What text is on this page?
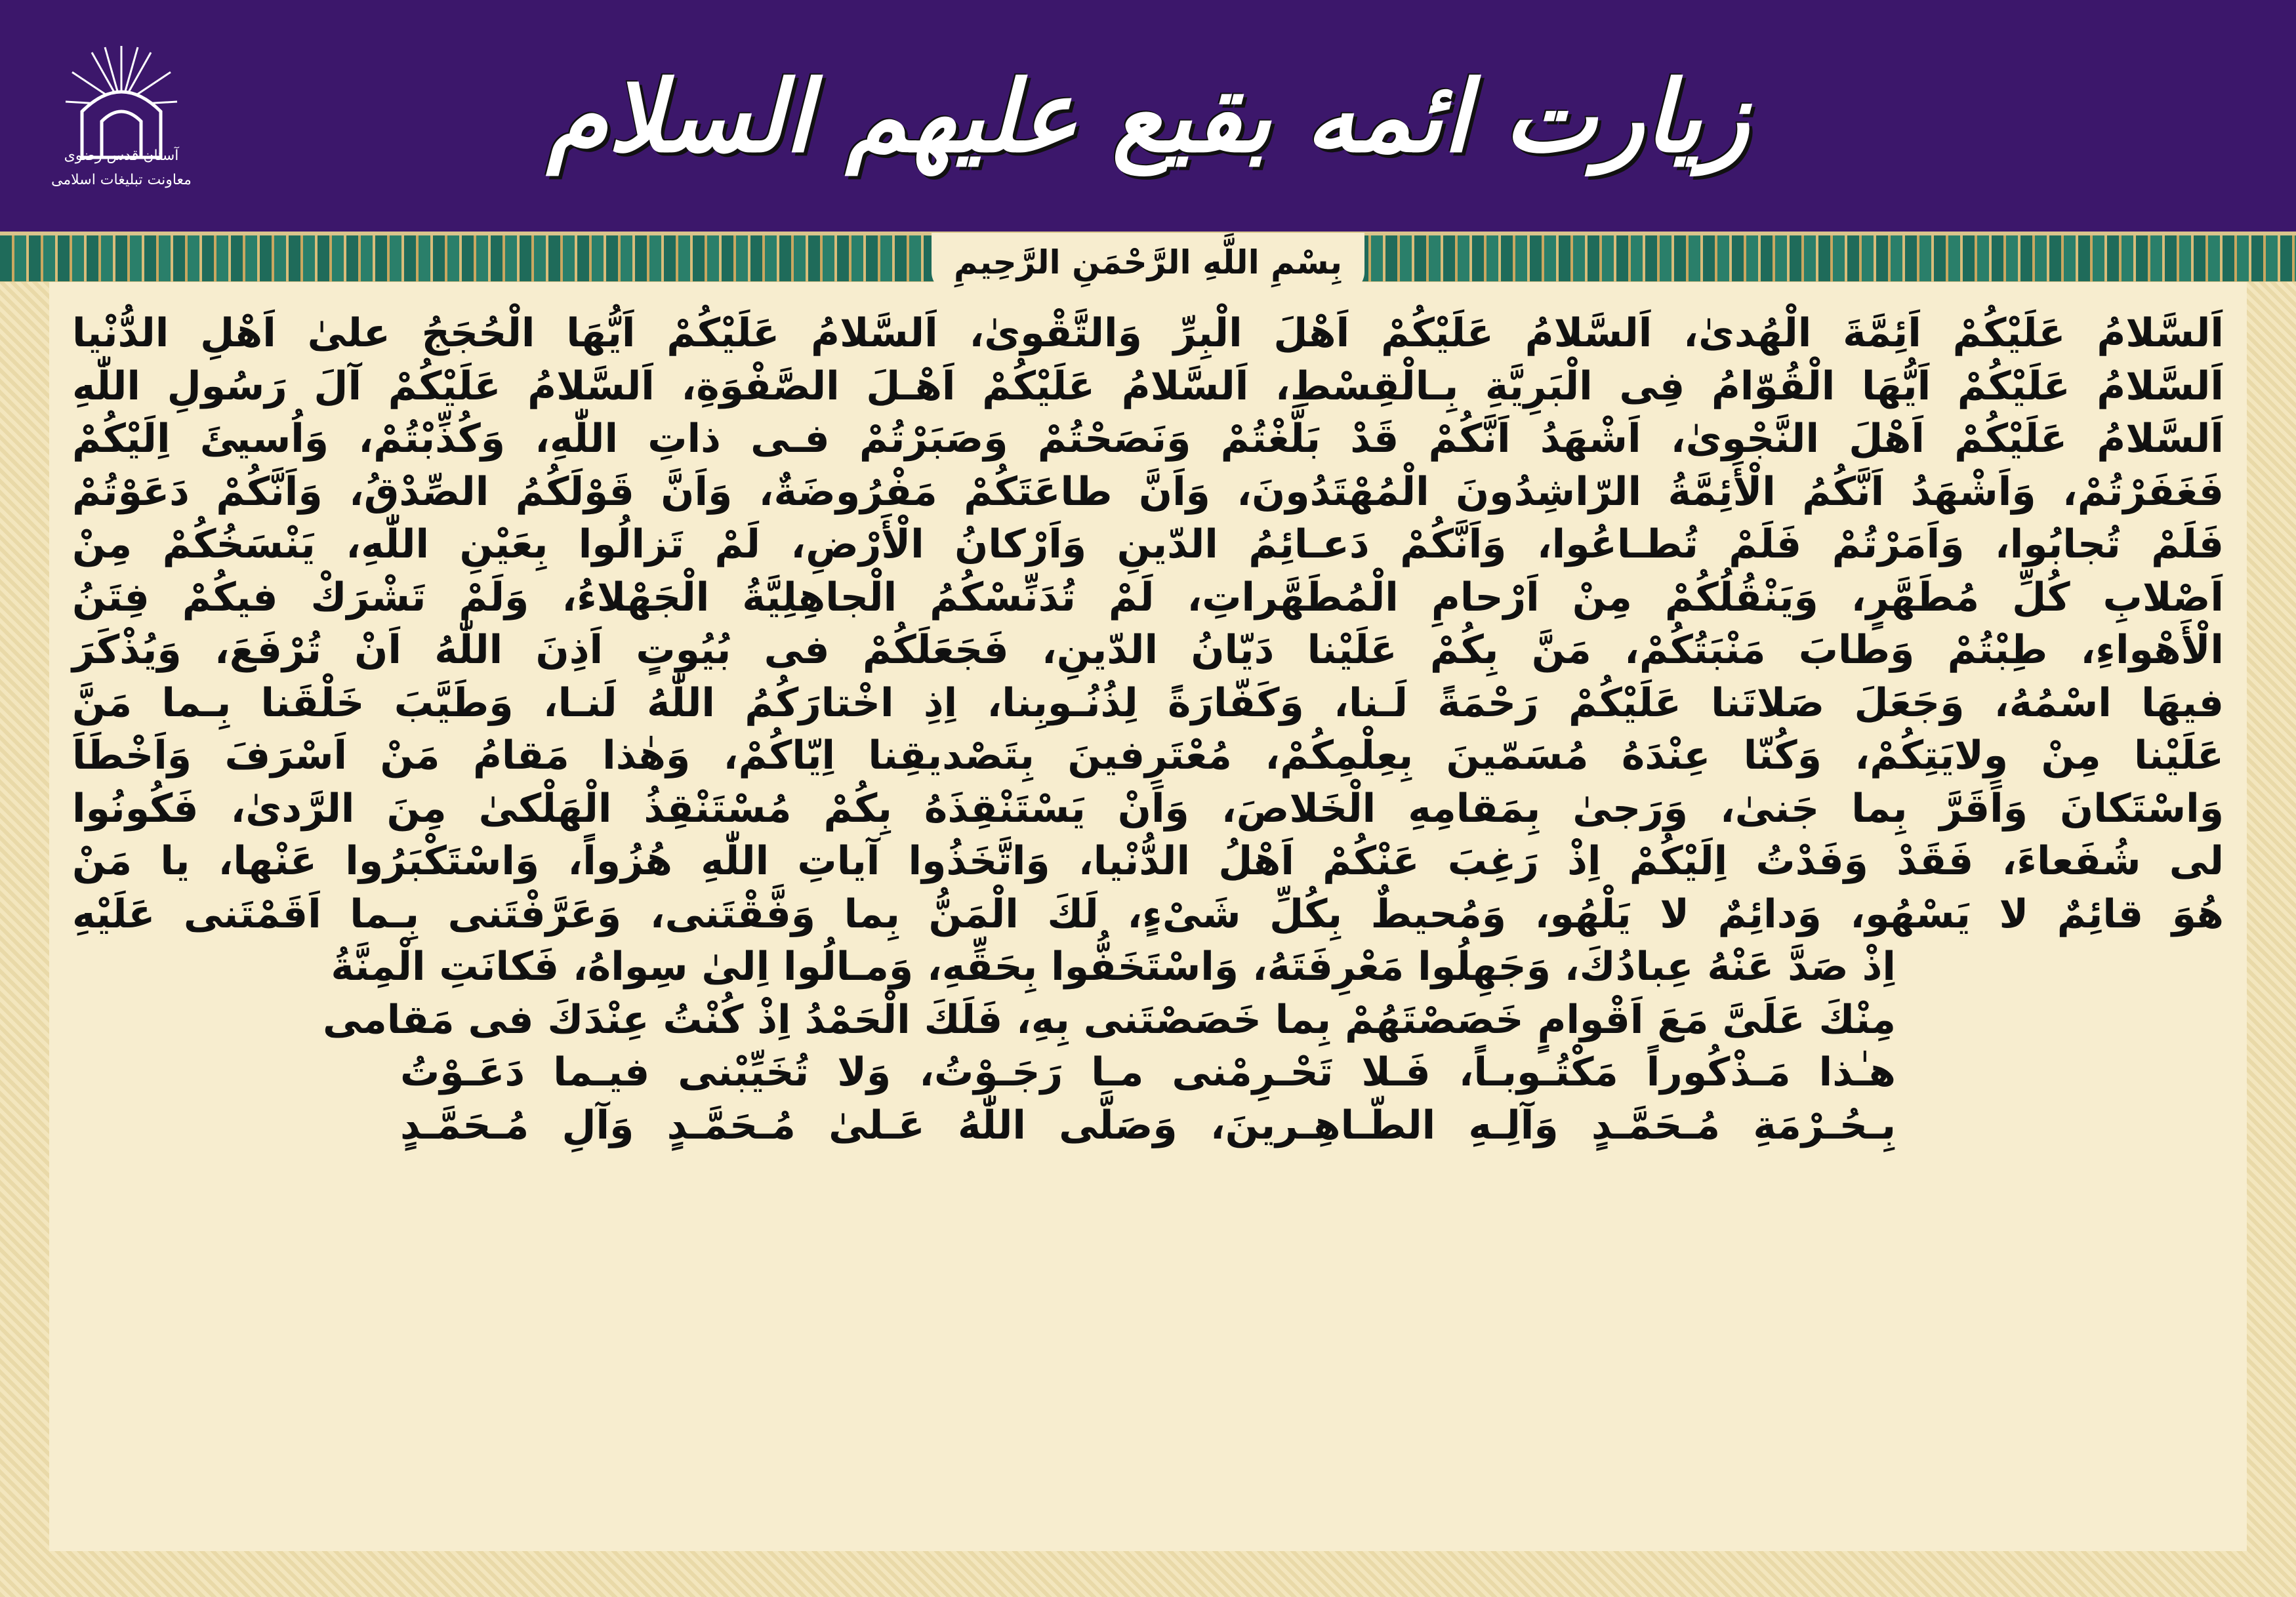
آستان قدس رضوی
معاونت تبلیغات اسلامی
زیارت ائمه بقیع علیهم السلام
بِسْمِ اللَّهِ الرَّحْمَنِ الرَّحِيمِ
اَلسَّلامُ عَلَيْكُمْ اَئِمَّةَ الْهُدىٰ، اَلسَّلامُ عَلَيْكُمْ اَهْلَ الْبِرِّ وَالتَّقْوىٰ، اَلسَّلامُ عَلَيْكُمْ اَيُّهَا الْحُجَجُ علىٰ اَهْلِ الدُّنْيا
اَلسَّلامُ عَلَيْكُمْ اَيُّهَا الْقُوّامُ فِى الْبَرِيَّةِ بِـالْقِسْطِ، اَلسَّلامُ عَلَيْكُمْ اَهْـلَ الصَّفْوَةِ، اَلسَّلامُ عَلَيْكُمْ آلَ رَسُولِ اللّٰهِ
اَلسَّلامُ عَلَيْكُمْ اَهْلَ النَّجْوىٰ، اَشْهَدُ اَنَّكُمْ قَدْ بَلَّغْتُمْ وَنَصَحْتُمْ وَصَبَرْتُمْ فـى ذاتِ اللّٰهِ، وَكُذِّبْتُمْ، وَاُسيئَ اِلَيْكُمْ
فَغَفَرْتُمْ، وَاَشْهَدُ اَنَّكُمُ الْأَئِمَّةُ الرّاشِدُونَ الْمُهْتَدُونَ، وَاَنَّ طاعَتَكُمْ مَفْرُوضَةٌ، وَاَنَّ قَوْلَكُمُ الصِّدْقُ، وَاَنَّكُمْ دَعَوْتُمْ
فَلَمْ تُجابُوا، وَاَمَرْتُمْ فَلَمْ تُطـاعُوا، وَاَنَّكُمْ دَعـائِمُ الدّينِ وَاَرْكانُ الْأَرْضِ، لَمْ تَزالُوا بِعَيْنِ اللّٰهِ، يَنْسَخُكُمْ مِنْ
اَصْلابِ كُلِّ مُطَهَّرٍ، وَيَنْقُلُكُمْ مِنْ اَرْحامِ الْمُطَهَّراتِ، لَمْ تُدَنِّسْكُمُ الْجاهِلِيَّةُ الْجَهْلاءُ، وَلَمْ تَشْرَكْ فيكُمْ فِتَنُ
الْأَهْواءِ، طِبْتُمْ وَطابَ مَنْبَتُكُمْ، مَنَّ بِكُمْ عَلَيْنا دَيّانُ الدّينِ، فَجَعَلَكُمْ فى بُيُوتٍ اَذِنَ اللّٰهُ اَنْ تُرْفَعَ، وَيُذْكَرَ
فيهَا اسْمُهُ، وَجَعَلَ صَلاتَنا عَلَيْكُمْ رَحْمَةً لَـنا، وَكَفّارَةً لِذُنُـوبِنا، اِذِ اخْتارَكُمُ اللّٰهُ لَنـا، وَطَيَّبَ خَلْقَنا بِـما مَنَّ
عَلَيْنا مِنْ وِلايَتِكُمْ، وَكُنّا عِنْدَهُ مُسَمّينَ بِعِلْمِكُمْ، مُعْتَرِفينَ بِتَصْديقِنا اِيّاكُمْ، وَهٰذا مَقامُ مَنْ اَسْرَفَ وَاَخْطَاَ
وَاسْتَكانَ وَاَقَرَّ بِما جَنىٰ، وَرَجىٰ بِمَقامِهِ الْخَلاصَ، وَاَنْ يَسْتَنْقِذَهُ بِكُمْ مُسْتَنْقِذُ الْهَلْكىٰ مِنَ الرَّدىٰ، فَكُونُوا
لى شُفَعاءَ، فَقَدْ وَفَدْتُ اِلَيْكُمْ اِذْ رَغِبَ عَنْكُمْ اَهْلُ الدُّنْيا، وَاتَّخَذُوا آياتِ اللّٰهِ هُزُواً، وَاسْتَكْبَرُوا عَنْها، يا مَنْ
هُوَ قائِمٌ لا يَسْهُو، وَدائِمٌ لا يَلْهُو، وَمُحيطٌ بِكُلِّ شَىْءٍ، لَكَ الْمَنُّ بِما وَفَّقْتَنى، وَعَرَّفْتَنى بِـما اَقَمْتَنى عَلَيْهِ
اِذْ صَدَّ عَنْهُ عِبادُكَ، وَجَهِلُوا مَعْرِفَتَهُ، وَاسْتَخَفُّوا بِحَقِّهِ، وَمـالُوا اِلىٰ سِواهُ، فَكانَتِ الْمِنَّةُ
مِنْكَ عَلَىَّ مَعَ اَقْوامٍ خَصَصْتَهُمْ بِما خَصَصْتَنى بِهِ، فَلَكَ الْحَمْدُ اِذْ كُنْتُ عِنْدَكَ فى مَقامى
هـٰذا مَـذْكُوراً مَكْتُـوبـاً، فَـلا تَحْـرِمْنى مـا رَجَـوْتُ، وَلا تُخَيِّبْنى فيـما دَعَـوْتُ
بِـحُـرْمَةِ مُـحَمَّـدٍ وَآلِـهِ الطّـاهِـرينَ، وَصَلَّى اللّٰهُ عَـلىٰ مُـحَمَّـدٍ وَآلِ مُـحَمَّـدٍ
